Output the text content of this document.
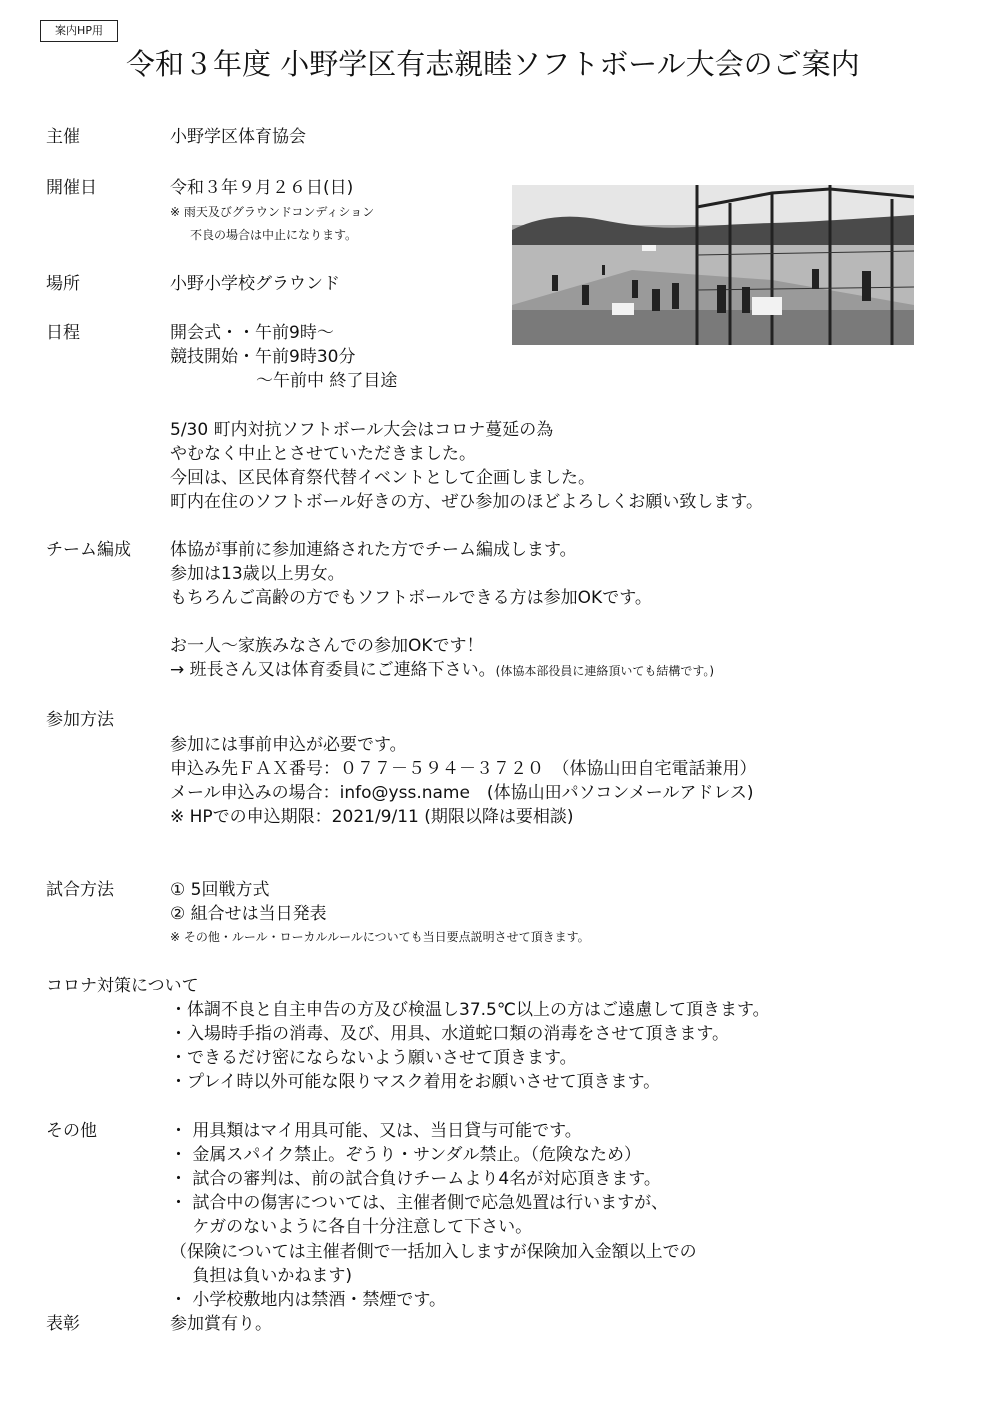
案内HP用
令和３年度 小野学区有志親睦ソフトボール大会のご案内
主催	小野学区体育協会
開催日	令和３年９月２６日(日)
※ 雨天及びグラウンドコンディション
不良の場合は中止になります。
場所	小野小学校グラウンド
日程	開会式・・午前9時～
競技開始・午前9時30分
～午前中 終了目途
5/30 町内対抗ソフトボール大会はコロナ蔓延の為
やむなく中止とさせていただきました。
今回は、区民体育祭代替イベントとして企画しました。
町内在住のソフトボール好きの方、ぜひ参加のほどよろしくお願い致します。
チーム編成 体協が事前に参加連絡された方でチーム編成します。
参加は13歳以上男女。
もちろんご高齢の方でもソフトボールできる方は参加OKです。
お一人～家族みなさんでの参加OKです！
→ 班長さん又は体育委員にご連絡下さい。(体協本部役員に連絡頂いても結構です。)
参加方法
参加には事前申込が必要です。
申込み先ＦＡＸ番号：０７７－５９４－３７２０　（体協山田自宅電話兼用）
メール申込みの場合：info@yss.name　(体協山田パソコンメールアドレス)
※ HPでの申込期限：2021/9/11 (期限以降は要相談)
試合方法	① 5回戦方式
② 組合せは当日発表
※ その他・ルール・ローカルルールについても当日要点説明させて頂きます。
コロナ対策について
・体調不良と自主申告の方及び検温し37.5℃以上の方はご遠慮して頂きます。
・入場時手指の消毒、及び、用具、水道蛇口類の消毒をさせて頂きます。
・できるだけ密にならないよう願いさせて頂きます。
・プレイ時以外可能な限りマスク着用をお願いさせて頂きます。
その他	・ 用具類はマイ用具可能、又は、当日貸与可能です。
・ 金属スパイク禁止。ぞうり・サンダル禁止。（危険なため）
・ 試合の審判は、前の試合負けチームより4名が対応頂きます。
・ 試合中の傷害については、主催者側で応急処置は行いますが、
　 ケガのないように各自十分注意して下さい。
（保険については主催者側で一括加入しますが保険加入金額以上での
　 負担は負いかねます)
・ 小学校敷地内は禁酒・禁煙です。
表彰	参加賞有り。
